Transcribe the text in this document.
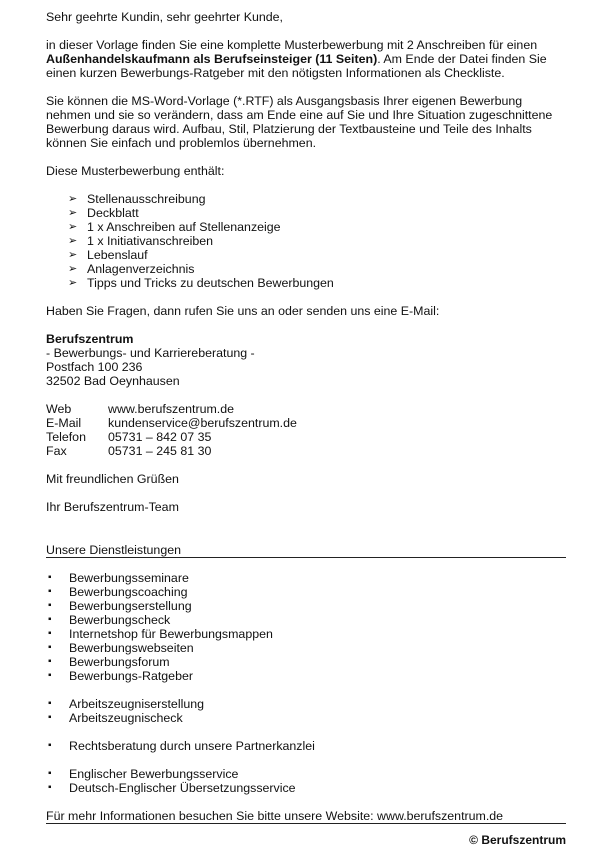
Sehr geehrte Kundin, sehr geehrter Kunde,

in dieser Vorlage finden Sie eine komplette Musterbewerbung mit 2 Anschreiben für einen
Außenhandelskaufmann als Berufseinsteiger (11 Seiten). Am Ende der Datei finden Sie einen kurzen Bewerbungs-Ratgeber mit den nötigsten Informationen als Checkliste.

Sie können die MS-Word-Vorlage (*.RTF) als Ausgangsbasis Ihrer eigenen Bewerbung nehmen und sie so verändern, dass am Ende eine auf Sie und Ihre Situation zugeschnittene Bewerbung daraus wird. Aufbau, Stil, Platzierung der Textbausteine und Teile des Inhalts können Sie einfach und problemlos übernehmen.

Diese Musterbewerbung enthält:

➢ Stellenausschreibung
➢ Deckblatt
➢ 1 x Anschreiben auf Stellenanzeige
➢ 1 x Initiativanschreiben
➢ Lebenslauf
➢ Anlagenverzeichnis
➢ Tipps und Tricks zu deutschen Bewerbungen

Haben Sie Fragen, dann rufen Sie uns an oder senden uns eine E-Mail:

Berufszentrum

- Bewerbungs- und Karriereberatung -

Postfach 100 236

32502 Bad Oeynhausen

Web	www.berufszentrum.de
E-Mail	kundenservice@berufszentrum.de
Telefon	05731 – 842 07 35
Fax	05731 – 245 81 30

Mit freundlichen Grüßen

Ihr Berufszentrum-Team

Unsere Dienstleistungen

▪	Bewerbungsseminare
▪	Bewerbungscoaching
▪	Bewerbungserstellung
▪	Bewerbungscheck
▪	Internetshop für Bewerbungsmappen
▪	Bewerbungswebseiten
▪	Bewerbungsforum
▪	Bewerbungs-Ratgeber
▪	Arbeitszeugniserstellung
▪	Arbeitszeugnischeck
▪	Rechtsberatung durch unsere Partnerkanzlei
▪	Englischer Bewerbungsservice
▪	Deutsch-Englischer Übersetzungsservice

Für mehr Informationen besuchen Sie bitte unsere Website: www.berufszentrum.de

© Berufszentrum
